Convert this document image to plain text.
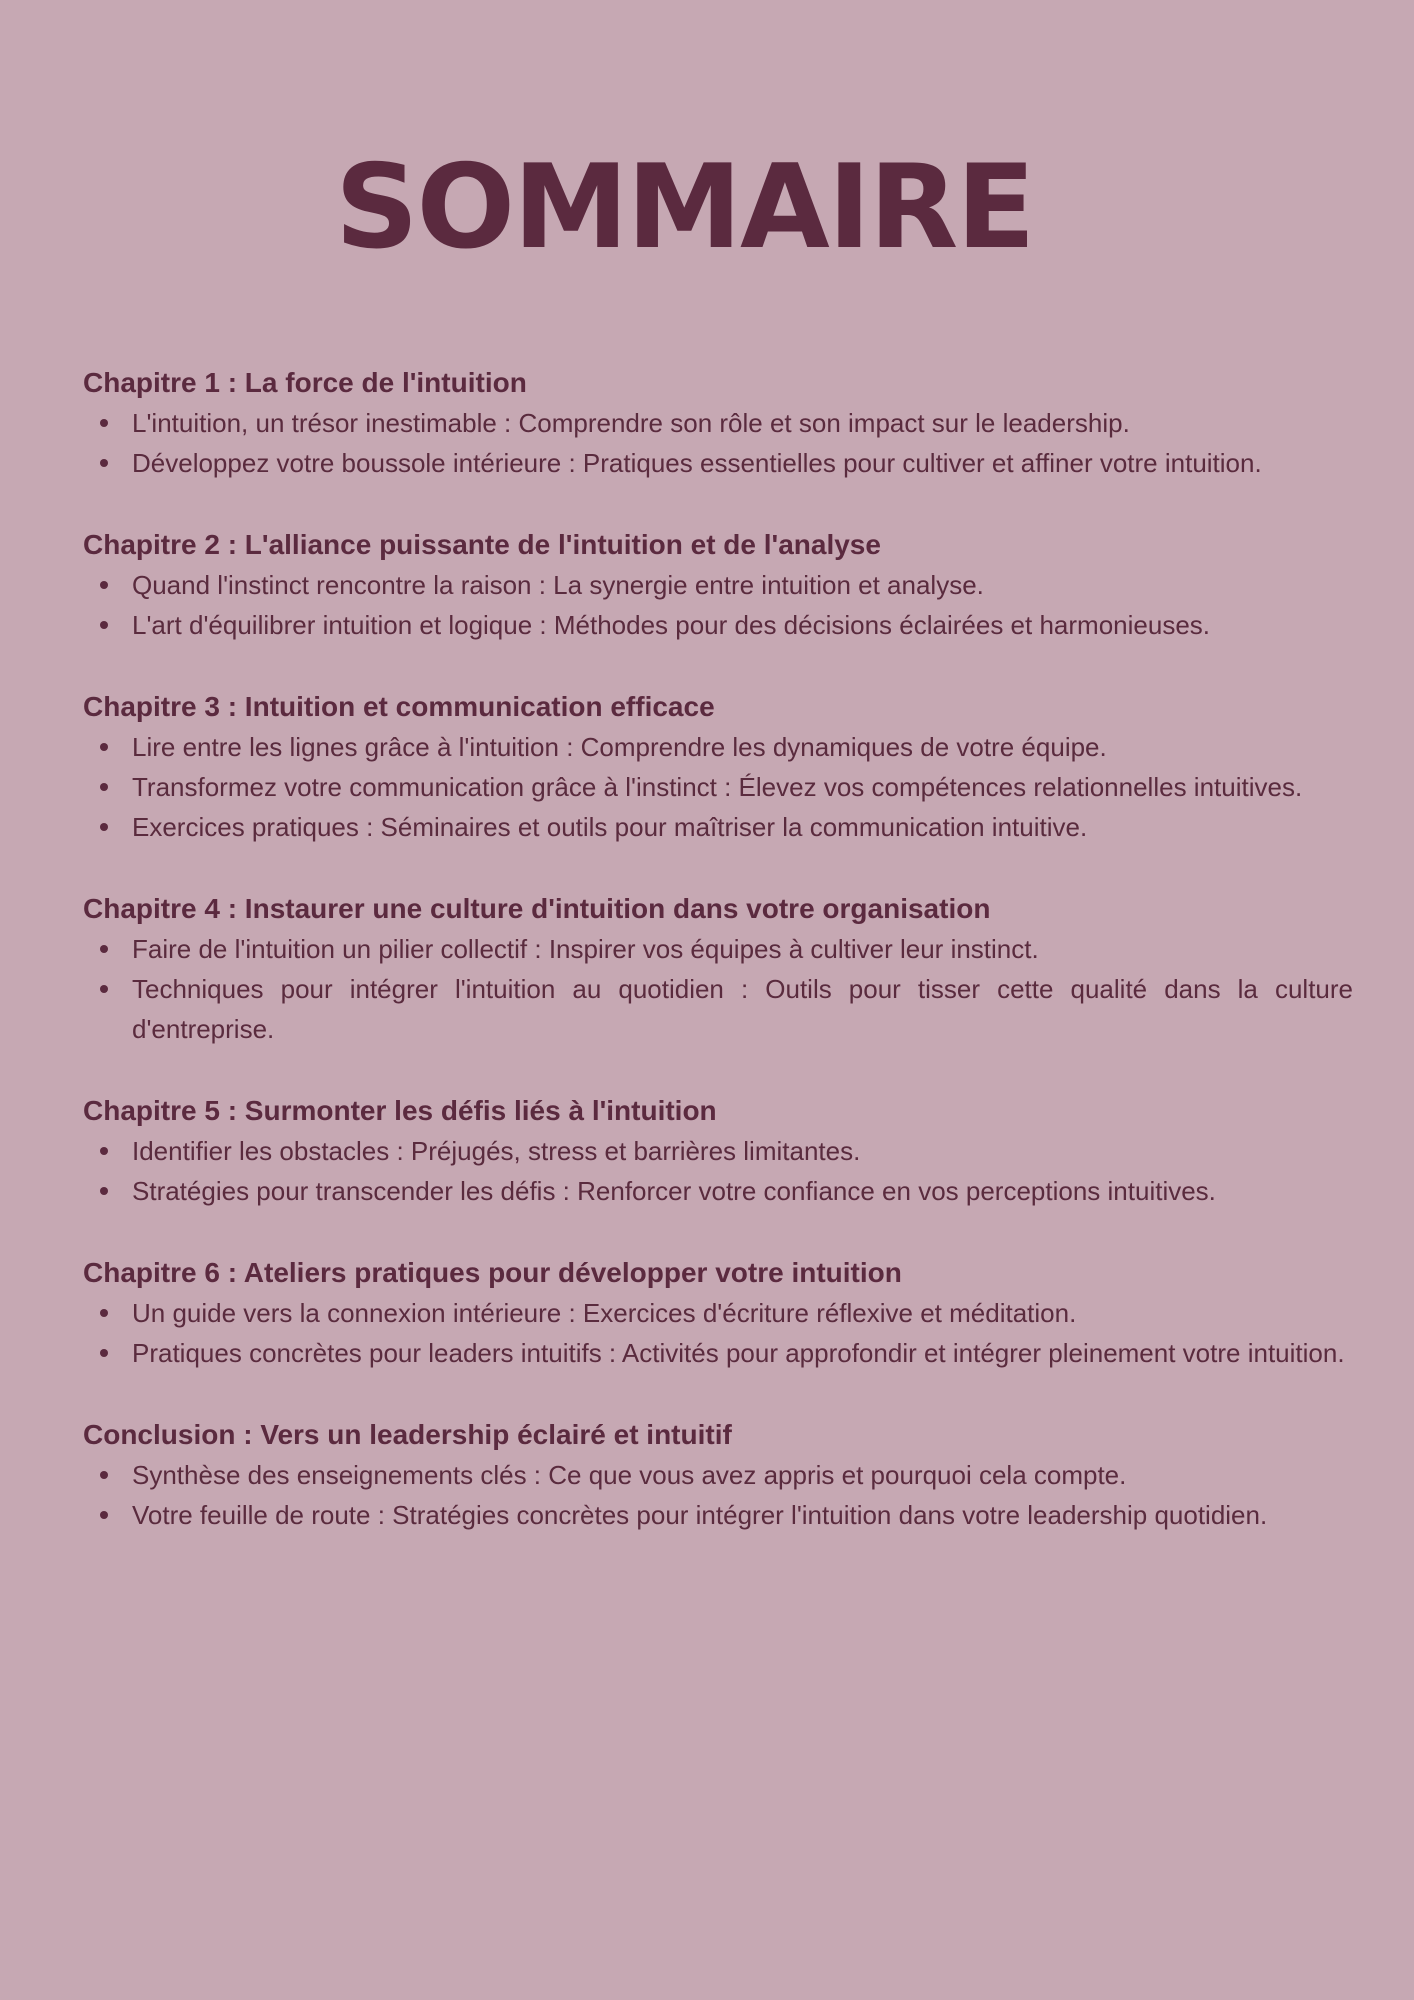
SOMMAIRE
Chapitre 1 : La force de l'intuition
L'intuition, un trésor inestimable : Comprendre son rôle et son impact sur le leadership.
Développez votre boussole intérieure : Pratiques essentielles pour cultiver et affiner votre intuition.
Chapitre 2 : L'alliance puissante de l'intuition et de l'analyse
Quand l'instinct rencontre la raison : La synergie entre intuition et analyse.
L'art d'équilibrer intuition et logique : Méthodes pour des décisions éclairées et harmonieuses.
Chapitre 3 : Intuition et communication efficace
Lire entre les lignes grâce à l'intuition : Comprendre les dynamiques de votre équipe.
Transformez votre communication grâce à l'instinct : Élevez vos compétences relationnelles intuitives.
Exercices pratiques : Séminaires et outils pour maîtriser la communication intuitive.
Chapitre 4 : Instaurer une culture d'intuition dans votre organisation
Faire de l'intuition un pilier collectif : Inspirer vos équipes à cultiver leur instinct.
Techniques pour intégrer l'intuition au quotidien : Outils pour tisser cette qualité dans la culture d'entreprise.
Chapitre 5 : Surmonter les défis liés à l'intuition
Identifier les obstacles : Préjugés, stress et barrières limitantes.
Stratégies pour transcender les défis : Renforcer votre confiance en vos perceptions intuitives.
Chapitre 6 : Ateliers pratiques pour développer votre intuition
Un guide vers la connexion intérieure : Exercices d'écriture réflexive et méditation.
Pratiques concrètes pour leaders intuitifs : Activités pour approfondir et intégrer pleinement votre intuition.
Conclusion : Vers un leadership éclairé et intuitif
Synthèse des enseignements clés : Ce que vous avez appris et pourquoi cela compte.
Votre feuille de route : Stratégies concrètes pour intégrer l'intuition dans votre leadership quotidien.
